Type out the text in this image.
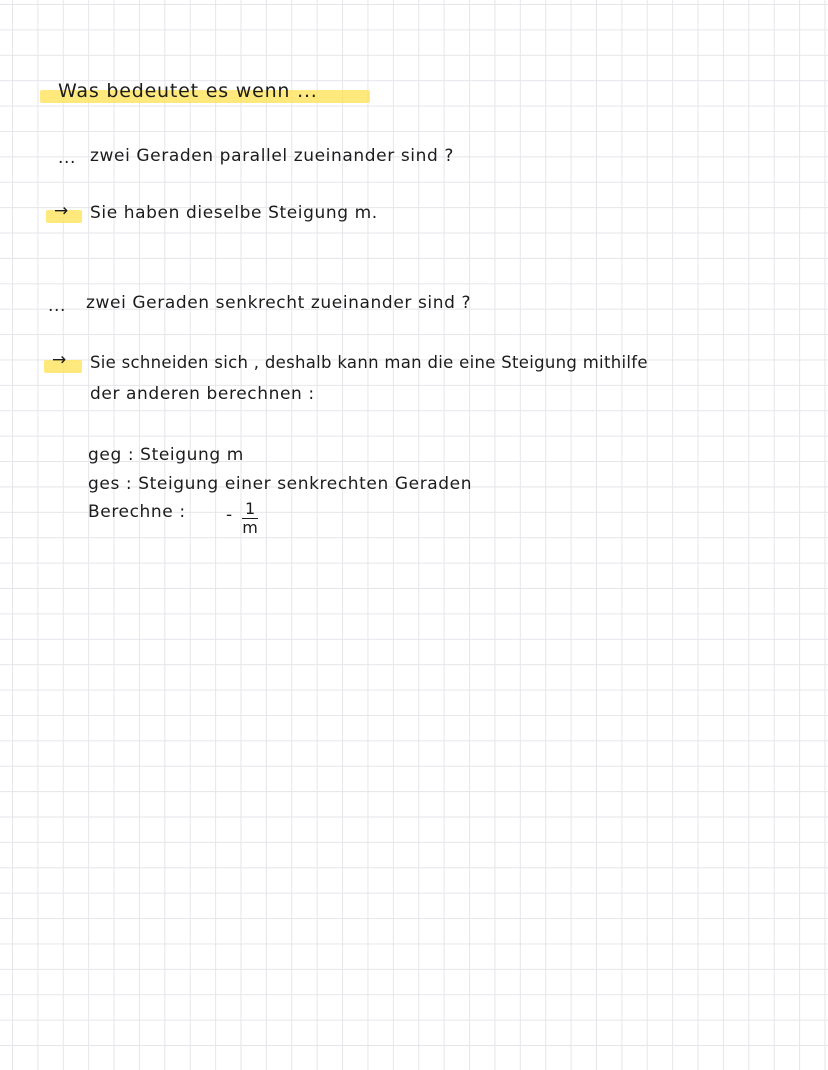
Was bedeutet es wenn ...
... zwei Geraden parallel zueinander sind ?
→ Sie haben dieselbe Steigung m.
... zwei Geraden senkrecht zueinander sind ?
→ Sie schneiden sich , deshalb kann man die eine Steigung mithilfe
der anderen berechnen :
geg : Steigung m
ges : Steigung einer senkrechten Geraden
Berechne : - $\frac{1}{m}$
